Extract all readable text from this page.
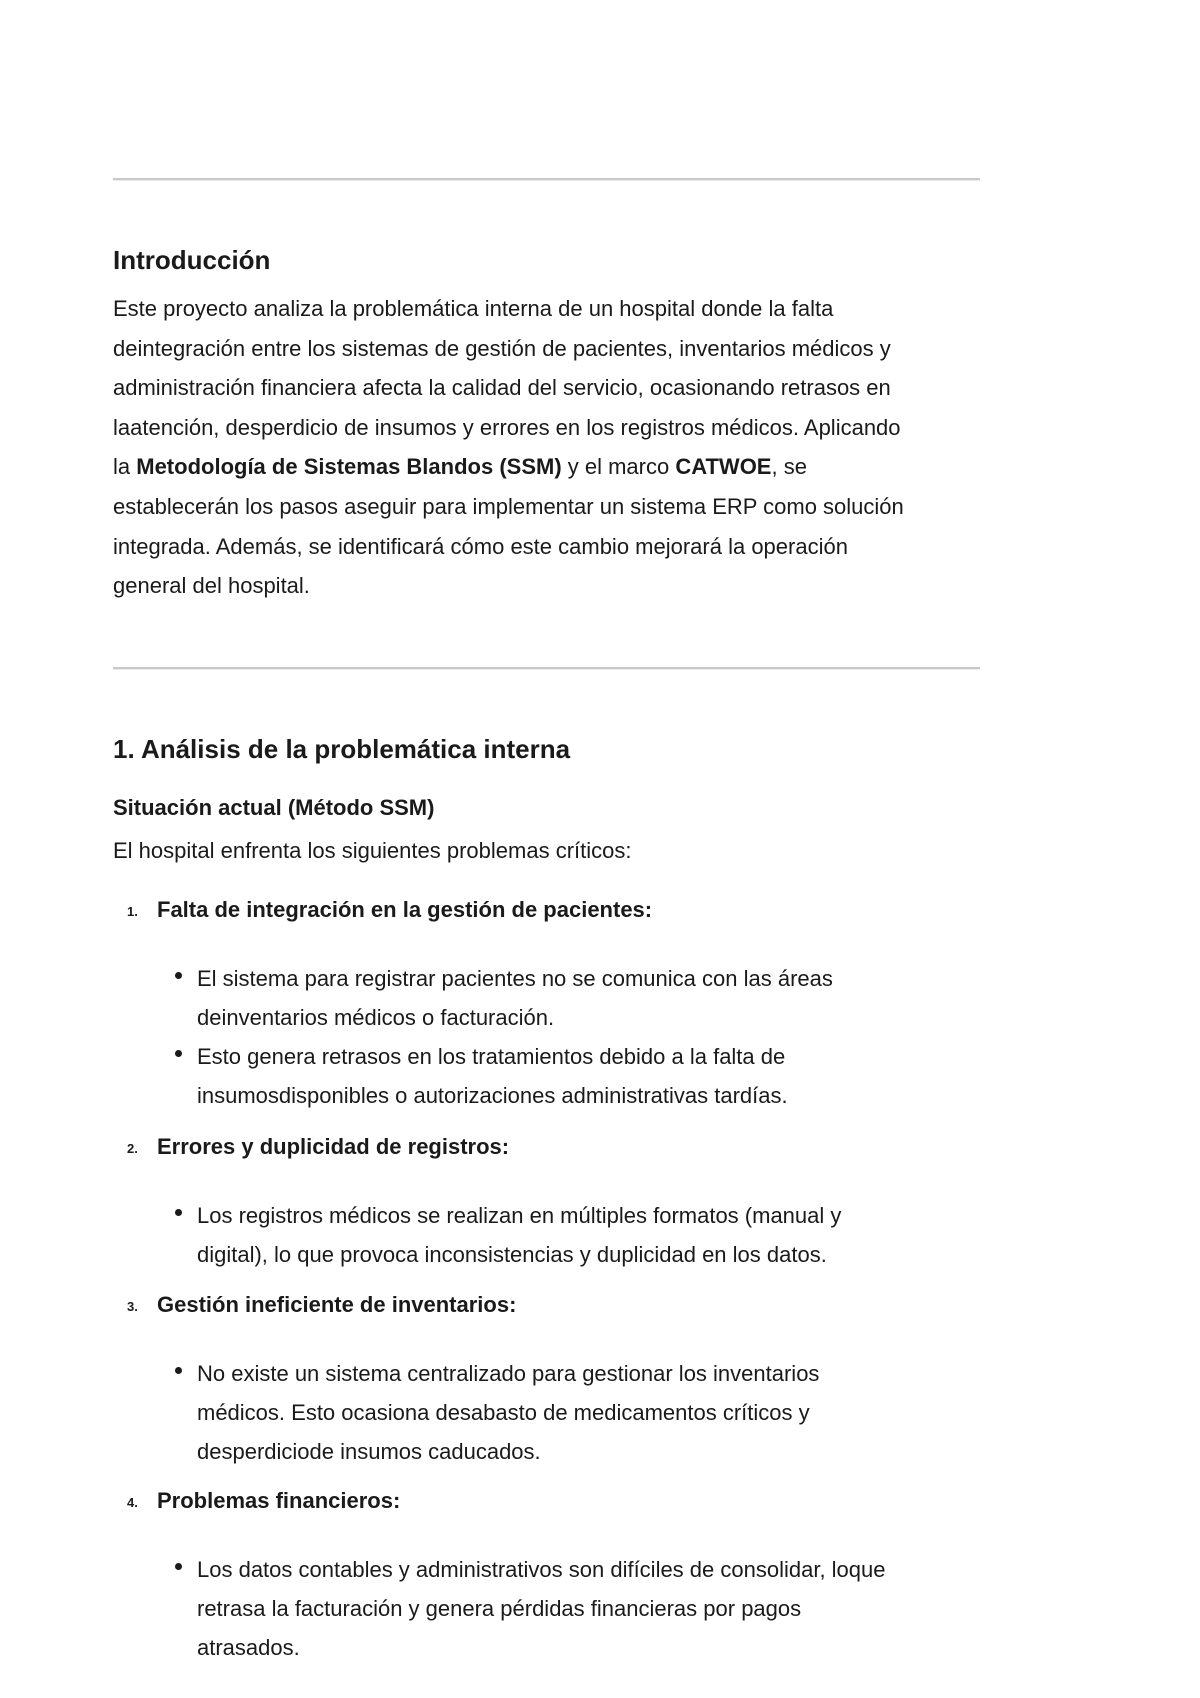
Introducción

Este proyecto analiza la problemática interna de un hospital donde la falta deintegración entre los sistemas de gestión de pacientes, inventarios médicos y administración financiera afecta la calidad del servicio, ocasionando retrasos en laatención, desperdicio de insumos y errores en los registros médicos. Aplicando la Metodología de Sistemas Blandos (SSM) y el marco CATWOE, se establecerán los pasos aseguir para implementar un sistema ERP como solución integrada. Además, se identificará cómo este cambio mejorará la operación general del hospital.

1. Análisis de la problemática interna
Situación actual (Método SSM)

El hospital enfrenta los siguientes problemas críticos:

1. Falta de integración en la gestión de pacientes:
El sistema para registrar pacientes no se comunica con las áreas deinventarios médicos o facturación.
Esto genera retrasos en los tratamientos debido a la falta de insumosdisponibles o autorizaciones administrativas tardías.
2. Errores y duplicidad de registros:
Los registros médicos se realizan en múltiples formatos (manual y digital), lo que provoca inconsistencias y duplicidad en los datos.
3. Gestión ineficiente de inventarios:
No existe un sistema centralizado para gestionar los inventarios médicos. Esto ocasiona desabasto de medicamentos críticos y desperdiciode insumos caducados.
4. Problemas financieros:
Los datos contables y administrativos son difíciles de consolidar, loque retrasa la facturación y genera pérdidas financieras por pagos atrasados.
